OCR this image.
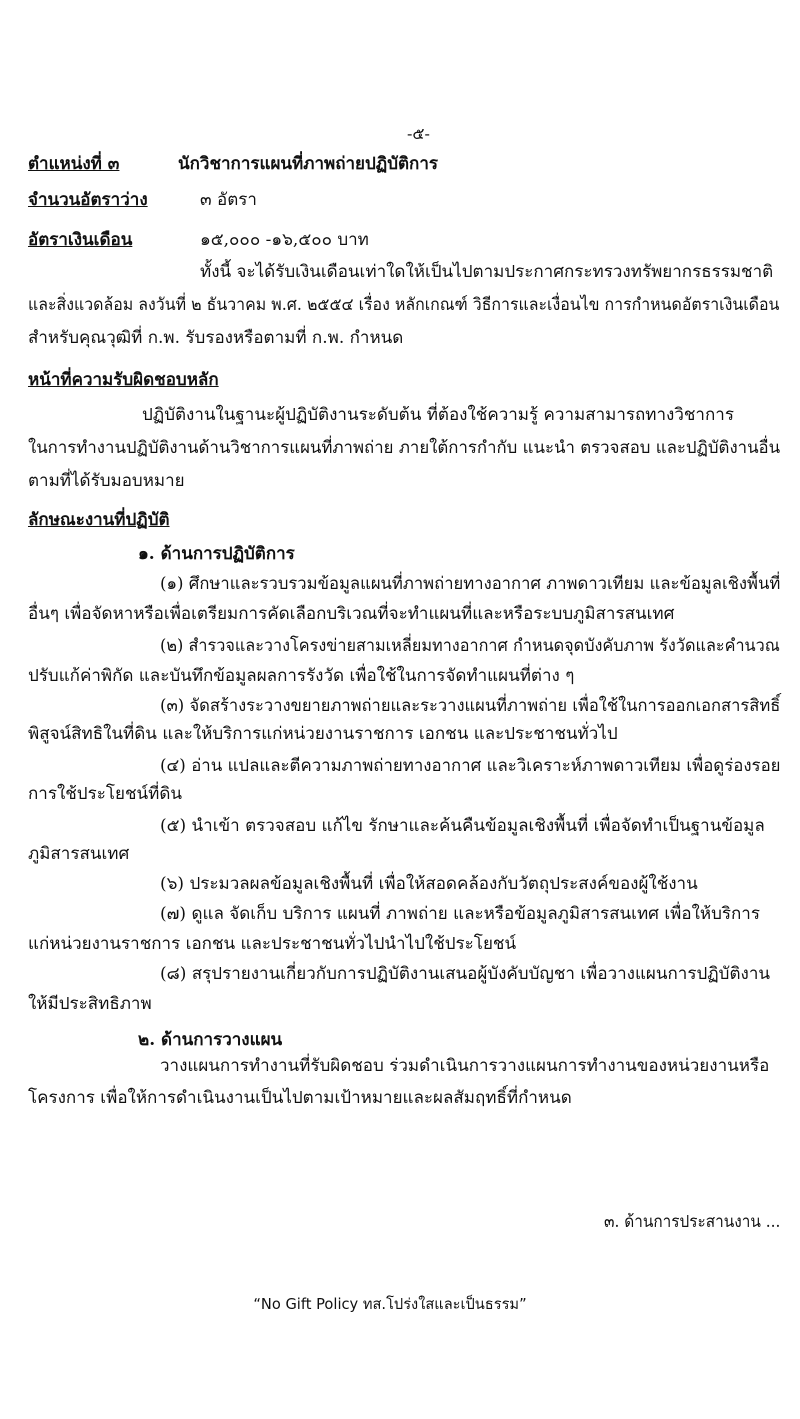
-๕-
ตำแหน่งที่ ๓	นักวิชาการแผนที่ภาพถ่ายปฏิบัติการ
จำนวนอัตราว่าง	๓ อัตรา
อัตราเงินเดือน	๑๕,๐๐๐ -๑๖,๕๐๐ บาท
ทั้งนี้ จะได้รับเงินเดือนเท่าใดให้เป็นไปตามประกาศกระทรวงทรัพยากรธรรมชาติ
และสิ่งแวดล้อม ลงวันที่ ๒ ธันวาคม พ.ศ. ๒๕๕๔ เรื่อง หลักเกณฑ์ วิธีการและเงื่อนไข การกำหนดอัตราเงินเดือน
สำหรับคุณวุฒิที่ ก.พ. รับรองหรือตามที่ ก.พ. กำหนด
หน้าที่ความรับผิดชอบหลัก
ปฏิบัติงานในฐานะผู้ปฏิบัติงานระดับต้น ที่ต้องใช้ความรู้ ความสามารถทางวิชาการ
ในการทำงานปฏิบัติงานด้านวิชาการแผนที่ภาพถ่าย ภายใต้การกำกับ แนะนำ ตรวจสอบ และปฏิบัติงานอื่น
ตามที่ได้รับมอบหมาย
ลักษณะงานที่ปฏิบัติ
๑. ด้านการปฏิบัติการ
(๑) ศึกษาและรวบรวมข้อมูลแผนที่ภาพถ่ายทางอากาศ ภาพดาวเทียม และข้อมูลเชิงพื้นที่
อื่นๆ เพื่อจัดหาหรือเพื่อเตรียมการคัดเลือกบริเวณที่จะทำแผนที่และหรือระบบภูมิสารสนเทศ
(๒) สำรวจและวางโครงข่ายสามเหลี่ยมทางอากาศ กำหนดจุดบังคับภาพ รังวัดและคำนวณ
ปรับแก้ค่าพิกัด และบันทึกข้อมูลผลการรังวัด เพื่อใช้ในการจัดทำแผนที่ต่าง ๆ
(๓) จัดสร้างระวางขยายภาพถ่ายและระวางแผนที่ภาพถ่าย เพื่อใช้ในการออกเอกสารสิทธิ์
พิสูจน์สิทธิในที่ดิน และให้บริการแก่หน่วยงานราชการ เอกชน และประชาชนทั่วไป
(๔) อ่าน แปลและตีความภาพถ่ายทางอากาศ และวิเคราะห์ภาพดาวเทียม เพื่อดูร่องรอย
การใช้ประโยชน์ที่ดิน
(๕) นำเข้า ตรวจสอบ แก้ไข รักษาและค้นคืนข้อมูลเชิงพื้นที่ เพื่อจัดทำเป็นฐานข้อมูล
ภูมิสารสนเทศ
(๖) ประมวลผลข้อมูลเชิงพื้นที่ เพื่อให้สอดคล้องกับวัตถุประสงค์ของผู้ใช้งาน
(๗) ดูแล จัดเก็บ บริการ แผนที่ ภาพถ่าย และหรือข้อมูลภูมิสารสนเทศ เพื่อให้บริการ
แก่หน่วยงานราชการ เอกชน และประชาชนทั่วไปนำไปใช้ประโยชน์
(๘) สรุปรายงานเกี่ยวกับการปฏิบัติงานเสนอผู้บังคับบัญชา เพื่อวางแผนการปฏิบัติงาน
ให้มีประสิทธิภาพ
๒. ด้านการวางแผน
วางแผนการทำงานที่รับผิดชอบ ร่วมดำเนินการวางแผนการทำงานของหน่วยงานหรือ
โครงการ เพื่อให้การดำเนินงานเป็นไปตามเป้าหมายและผลสัมฤทธิ์ที่กำหนด
๓. ด้านการประสานงาน ...
“No Gift Policy ทส.โปร่งใสและเป็นธรรม”
